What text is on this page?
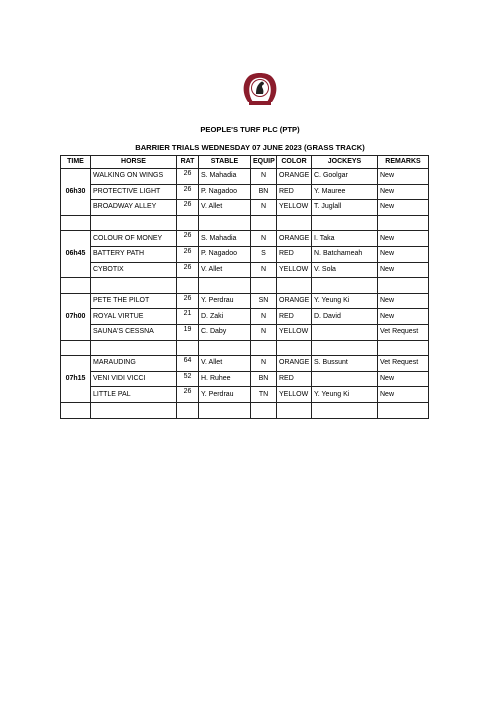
PEOPLE'S TURF PLC (PTP)
BARRIER TRIALS WEDNESDAY 07 JUNE 2023 (GRASS TRACK)
TIME	HORSE	RAT	STABLE	EQUIP	COLOR	JOCKEYS	REMARKS
06h30	WALKING ON WINGS	26	S. Mahadia	N	ORANGE	C. Goolgar	New
	PROTECTIVE LIGHT	26	P. Nagadoo	BN	RED	Y. Mauree	New
	BROADWAY ALLEY	26	V. Allet	N	YELLOW	T. Juglall	New

06h45	COLOUR OF MONEY	26	S. Mahadia	N	ORANGE	I. Taka	New
	BATTERY PATH	26	P. Nagadoo	S	RED	N. Batchameah	New
	CYBOTIX	26	V. Allet	N	YELLOW	V. Sola	New

07h00	PETE THE PILOT	26	Y. Perdrau	SN	ORANGE	Y. Yeung Ki	New
	ROYAL VIRTUE	21	D. Zaki	N	RED	D. David	New
	SAUNA'S CESSNA	19	C. Daby	N	YELLOW		Vet Request

07h15	MARAUDING	64	V. Allet	N	ORANGE	S. Bussunt	Vet Request
	VENI VIDI VICCI	52	H. Ruhee	BN	RED		New
	LITTLE PAL	26	Y. Perdrau	TN	YELLOW	Y. Yeung Ki	New
